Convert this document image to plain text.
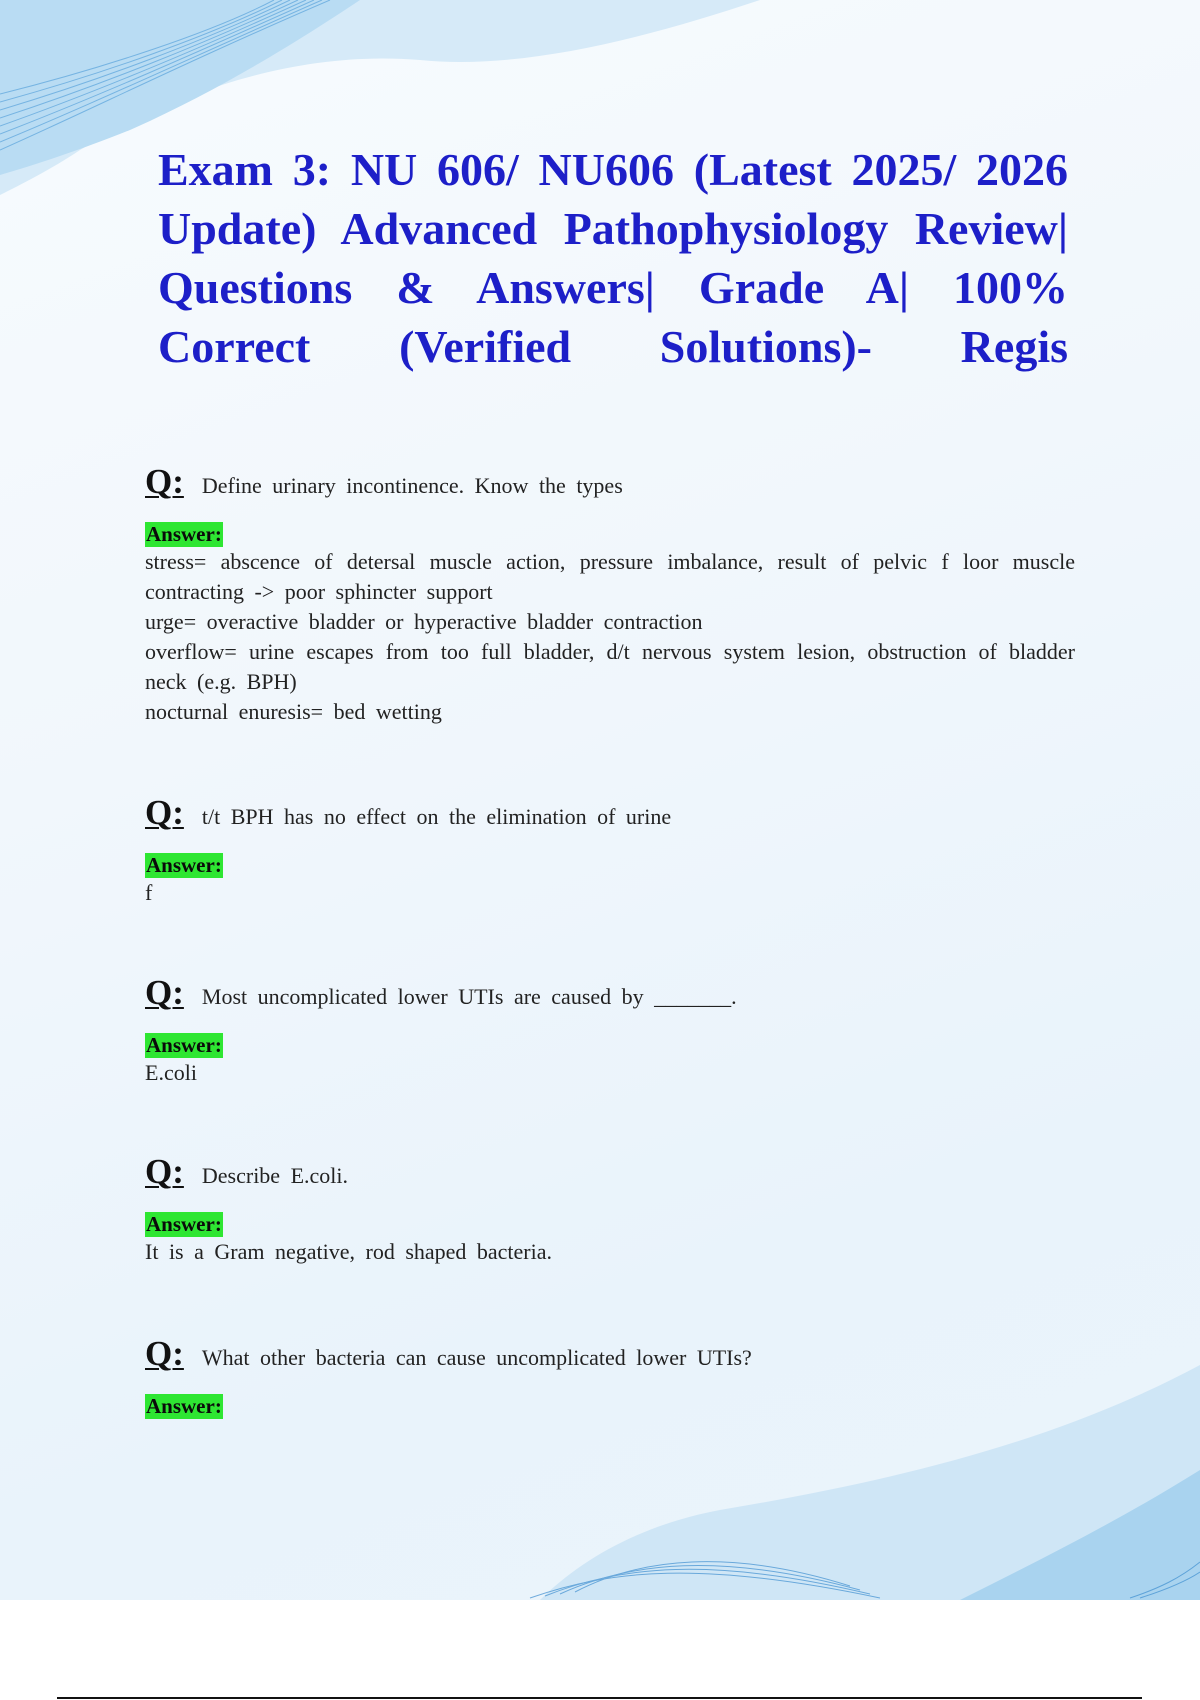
Exam 3: NU 606/ NU606 (Latest 2025/ 2026 Update) Advanced Pathophysiology Review| Questions & Answers| Grade A| 100% Correct (Verified Solutions)- Regis
Q: Define urinary incontinence. Know the types
Answer:
stress= abscence of detersal muscle action, pressure imbalance, result of pelvic f loor muscle contracting -> poor sphincter support
urge= overactive bladder or hyperactive bladder contraction
overflow= urine escapes from too full bladder, d/t nervous system lesion, obstruction of bladder neck (e.g. BPH)
nocturnal enuresis= bed wetting
Q: t/t BPH has no effect on the elimination of urine
Answer:
f
Q: Most uncomplicated lower UTIs are caused by _______.
Answer:
E.coli
Q: Describe E.coli.
Answer:
It is a Gram negative, rod shaped bacteria.
Q: What other bacteria can cause uncomplicated lower UTIs?
Answer:
